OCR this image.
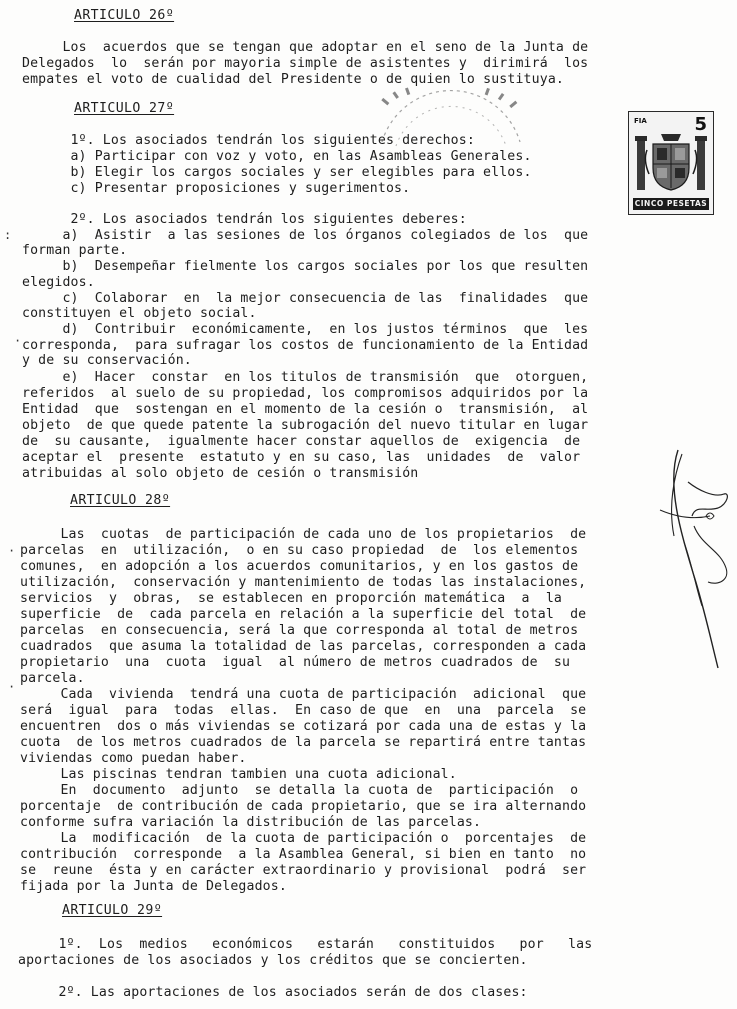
ARTICULO 26º

Los  acuerdos que se tengan que adoptar en el seno de la Junta de

Delegados  lo  serán por mayoria simple de asistentes y  dirimirá  los

empates el voto de cualidad del Presidente o de quien lo sustituya.

ARTICULO 27º

1º. Los asociados tendrán los siguientes derechos:

a) Participar con voz y voto, en las Asambleas Generales.

b) Elegir los cargos sociales y ser elegibles para ellos.

c) Presentar proposiciones y sugerimentos.

2º. Los asociados tendrán los siguientes deberes:

a)  Asistir  a las sesiones de los órganos colegiados de los  que

forman parte.

b)  Desempeñar fielmente los cargos sociales por los que resulten

elegidos.

c)  Colaborar  en  la mejor consecuencia de las  finalidades  que

constituyen el objeto social.

d)  Contribuir  económicamente,  en los justos términos  que  les

corresponda,  para sufragar los costos de funcionamiento de la Entidad

y de su conservación.

e)  Hacer  constar  en los titulos de transmisión  que  otorguen,

referidos  al suelo de su propiedad, los compromisos adquiridos por la

Entidad  que  sostengan en el momento de la cesión o  transmisión,  al

objeto  de que quede patente la subrogación del nuevo titular en lugar

de  su causante,  igualmente hacer constar aquellos de  exigencia  de

aceptar el  presente  estatuto y en su caso, las  unidades  de  valor

atribuidas al solo objeto de cesión o transmisión

ARTICULO 28º

Las  cuotas  de participación de cada uno de los propietarios  de

parcelas  en  utilización,  o en su caso propiedad  de  los elementos

comunes,  en adopción a los acuerdos comunitarios, y en los gastos de

utilización,  conservación y mantenimiento de todas las instalaciones,

servicios  y  obras,  se establecen en proporción matemática  a  la

superficie  de  cada parcela en relación a la superficie del total  de

parcelas  en consecuencia, será la que corresponda al total de metros

cuadrados  que asuma la totalidad de las parcelas, corresponden a cada

propietario  una  cuota  igual  al número de metros cuadrados de  su

parcela.

Cada  vivienda  tendrá una cuota de participación  adicional  que

será  igual  para  todas  ellas.  En caso de que  en  una  parcela  se

encuentren  dos o más viviendas se cotizará por cada una de estas y la

cuota  de los metros cuadrados de la parcela se repartirá entre tantas

viviendas como puedan haber.

Las piscinas tendran tambien una cuota adicional.

En  documento  adjunto  se detalla la cuota de  participación  o

porcentaje  de contribución de cada propietario, que se ira alternando

conforme sufra variación la distribución de las parcelas.

La  modificación  de la cuota de participación o  porcentajes  de

contribución  corresponde  a la Asamblea General, si bien en tanto  no

se  reune  ésta y en carácter extraordinario y provisional  podrá  ser

fijada por la Junta de Delegados.

ARTICULO 29º

1º.  Los  medios   económicos   estarán   constituidos   por   las

aportaciones de los asociados y los créditos que se concierten.

2º. Las aportaciones de los asociados serán de dos clases:

FIA	5
CINCO PESETAS
:
·
·
·
